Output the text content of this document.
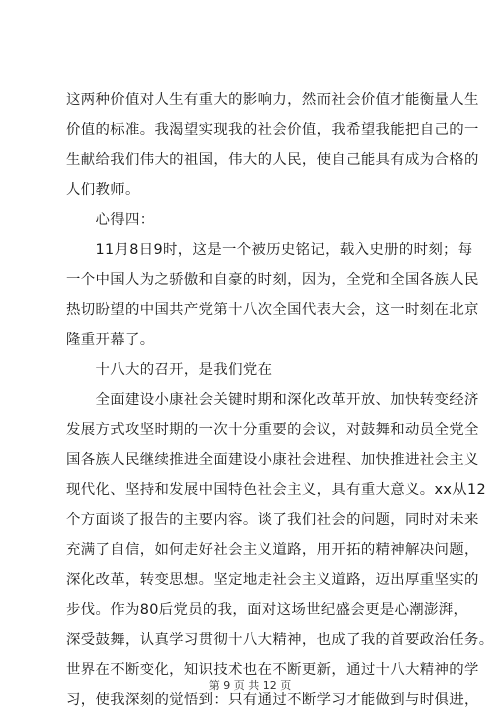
这两种价值对人生有重大的影响力，然而社会价值才能衡量人生
价值的标准。我渴望实现我的社会价值，我希望我能把自己的一
生献给我们伟大的祖国，伟大的人民，使自己能具有成为合格的
人们教师。
　　心得四：
　　11月8日9时，这是一个被历史铭记，载入史册的时刻；每
一个中国人为之骄傲和自豪的时刻，因为，全党和全国各族人民
热切盼望的中国共产党第十八次全国代表大会，这一时刻在北京
隆重开幕了。
　　十八大的召开，是我们党在
　　全面建设小康社会关键时期和深化改革开放、加快转变经济
发展方式攻坚时期的一次十分重要的会议，对鼓舞和动员全党全
国各族人民继续推进全面建设小康社会进程、加快推进社会主义
现代化、坚持和发展中国特色社会主义，具有重大意义。xx从12
个方面谈了报告的主要内容。谈了我们社会的问题，同时对未来
充满了自信，如何走好社会主义道路，用开拓的精神解决问题，
深化改革，转变思想。坚定地走社会主义道路，迈出厚重坚实的
步伐。作为80后党员的我，面对这场世纪盛会更是心潮澎湃，
深受鼓舞，认真学习贯彻十八大精神，也成了我的首要政治任务。
世界在不断变化，知识技术也在不断更新，通过十八大精神的学
习，使我深刻的觉悟到：只有通过不断学习才能做到与时俱进，
第 9 页 共 12 页
